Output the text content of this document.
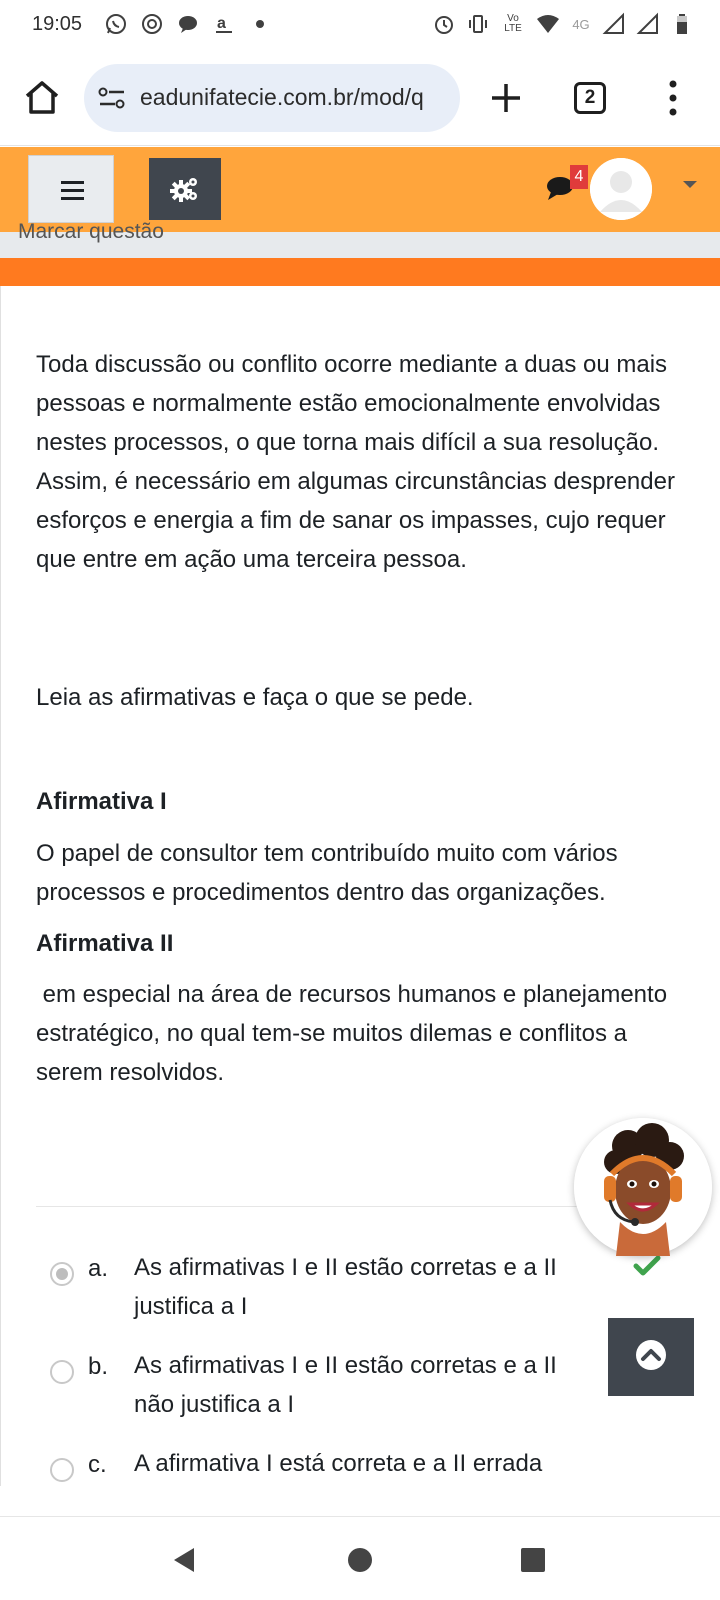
19:05	a	Vo LTE	4G
eadunifatecie.com.br/mod/q	2
4
Marcar questão

Toda discussão ou conflito ocorre mediante a duas ou mais pessoas e normalmente estão emocionalmente envolvidas nestes processos, o que torna mais difícil a sua resolução. Assim, é necessário em algumas circunstâncias desprender esforços e energia a fim de sanar os impasses, cujo requer que entre em ação uma terceira pessoa.

Leia as afirmativas e faça o que se pede.

Afirmativa I

O papel de consultor tem contribuído muito com vários processos e procedimentos dentro das organizações.

Afirmativa II

em especial na área de recursos humanos e planejamento estratégico, no qual tem-se muitos dilemas e conflitos a serem resolvidos.

a. As afirmativas I e II estão corretas e a II justifica a I
b. As afirmativas I e II estão corretas e a II não justifica a I
c. A afirmativa I está correta e a II errada
